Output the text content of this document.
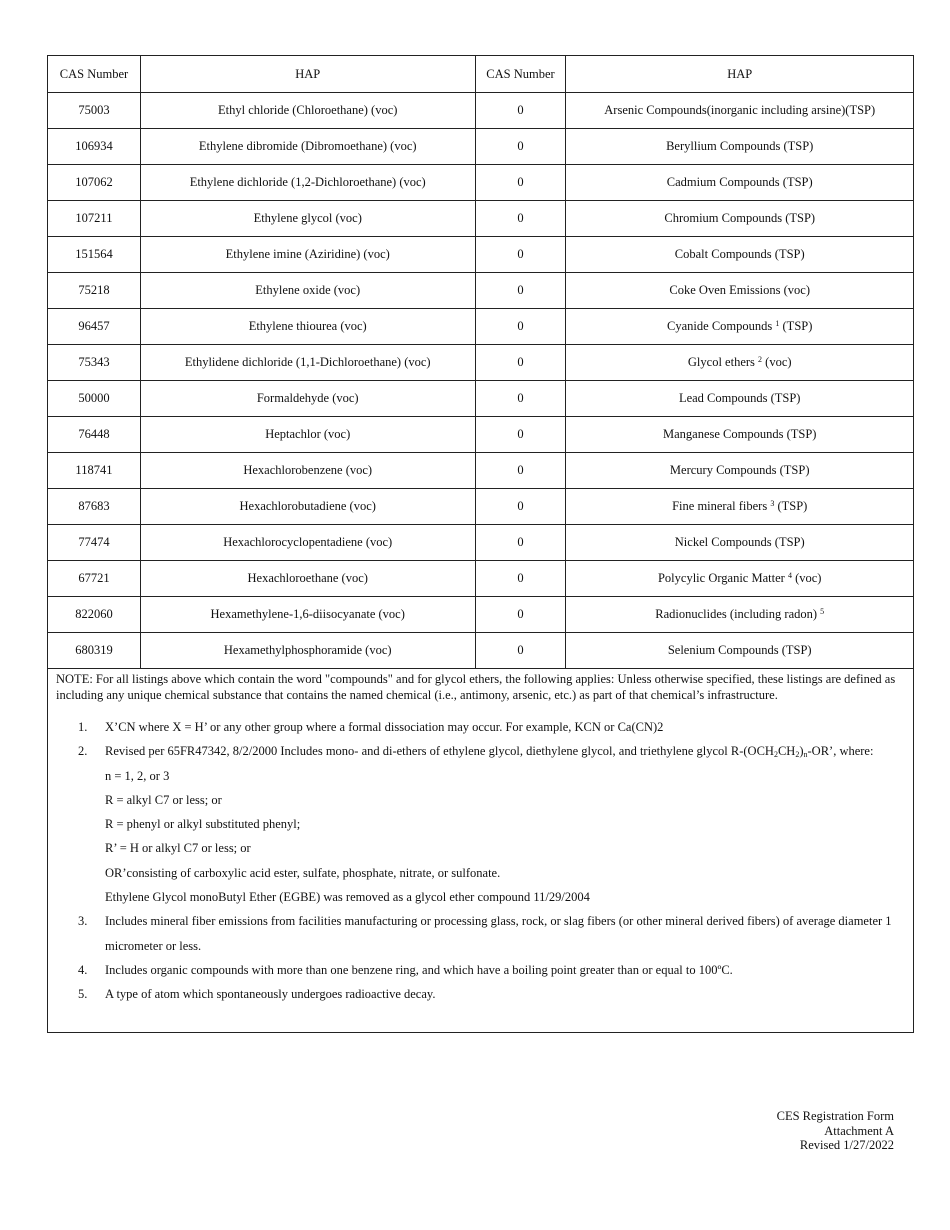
CAS Number	HAP	CAS Number	HAP
75003	Ethyl chloride (Chloroethane) (voc)	0	Arsenic Compounds(inorganic including arsine)(TSP)
106934	Ethylene dibromide (Dibromoethane) (voc)	0	Beryllium Compounds (TSP)
107062	Ethylene dichloride (1,2-Dichloroethane) (voc)	0	Cadmium Compounds (TSP)
107211	Ethylene glycol (voc)	0	Chromium Compounds (TSP)
151564	Ethylene imine (Aziridine) (voc)	0	Cobalt Compounds (TSP)
75218	Ethylene oxide (voc)	0	Coke Oven Emissions (voc)
96457	Ethylene thiourea (voc)	0	Cyanide Compounds $^1$ (TSP)
75343	Ethylidene dichloride (1,1-Dichloroethane) (voc)	0	Glycol ethers $^2$ (voc)
50000	Formaldehyde (voc)	0	Lead Compounds (TSP)
76448	Heptachlor (voc)	0	Manganese Compounds (TSP)
118741	Hexachlorobenzene (voc)	0	Mercury Compounds (TSP)
87683	Hexachlorobutadiene (voc)	0	Fine mineral fibers $^3$ (TSP)
77474	Hexachlorocyclopentadiene (voc)	0	Nickel Compounds (TSP)
67721	Hexachloroethane (voc)	0	Polycylic Organic Matter $^4$ (voc)
822060	Hexamethylene-1,6-diisocyanate (voc)	0	Radionuclides (including radon) $^5$
680319	Hexamethylphosphoramide (voc)	0	Selenium Compounds (TSP)
NOTE: For all listings above which contain the word "compounds" and for glycol ethers, the following applies: Unless otherwise specified, these listings are defined as including any unique chemical substance that contains the named chemical (i.e., antimony, arsenic, etc.) as part of that chemical’s infrastructure.
1. X’CN where X = H’ or any other group where a formal dissociation may occur. For example, KCN or Ca(CN)2
2. Revised per 65FR47342, 8/2/2000 Includes mono- and di-ethers of ethylene glycol, diethylene glycol, and triethylene glycol $R-(OCH_2CH_2)_n-OR$’, where:
n = 1, 2, or 3
R = alkyl C7 or less; or
R = phenyl or alkyl substituted phenyl;
R’ = H or alkyl C7 or less; or
OR’consisting of carboxylic acid ester, sulfate, phosphate, nitrate, or sulfonate.
Ethylene Glycol monoButyl Ether (EGBE) was removed as a glycol ether compound 11/29/2004
3. Includes mineral fiber emissions from facilities manufacturing or processing glass, rock, or slag fibers (or other mineral derived fibers) of average diameter 1 micrometer or less.
4. Includes organic compounds with more than one benzene ring, and which have a boiling point greater than or equal to 100ºC.
5. A type of atom which spontaneously undergoes radioactive decay.
CES Registration Form
Attachment A
Revised 1/27/2022
